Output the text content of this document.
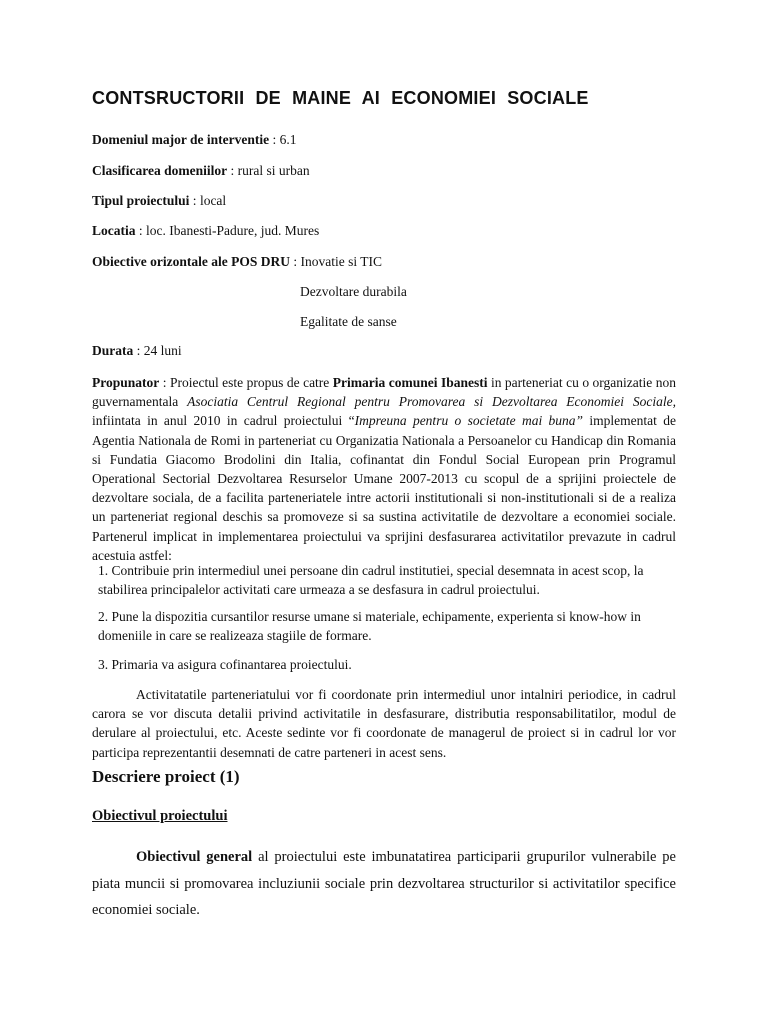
CONTSRUCTORII DE MAINE AI ECONOMIEI SOCIALE
Domeniul major de interventie : 6.1
Clasificarea domeniilor : rural si urban
Tipul proiectului : local
Locatia : loc. Ibanesti-Padure, jud. Mures
Obiective orizontale ale POS DRU : Inovatie si TIC
Dezvoltare durabila
Egalitate de sanse
Durata : 24 luni
Propunator : Proiectul este propus de catre Primaria comunei Ibanesti in parteneriat cu o organizatie non guvernamentala Asociatia Centrul Regional pentru Promovarea si Dezvoltarea Economiei Sociale, infiintata in anul 2010 in cadrul proiectului “Impreuna pentru o societate mai buna” implementat de Agentia Nationala de Romi in parteneriat cu Organizatia Nationala a Persoanelor cu Handicap din Romania si Fundatia Giacomo Brodolini din Italia, cofinantat din Fondul Social European prin Programul Operational Sectorial Dezvoltarea Resurselor Umane 2007-2013 cu scopul de a sprijini proiectele de dezvoltare sociala, de a facilita parteneriatele intre actorii institutionali si non-institutionali si de a realiza un parteneriat regional deschis sa promoveze si sa sustina activitatile de dezvoltare a economiei sociale. Partenerul implicat in implementarea proiectului va sprijini desfasurarea activitatilor prevazute in cadrul acestuia astfel:
1. Contribuie prin intermediul unei persoane din cadrul institutiei, special desemnata in acest scop, la stabilirea principalelor activitati care urmeaza a se desfasura in cadrul proiectului.
2. Pune la dispozitia cursantilor resurse umane si materiale, echipamente, experienta si know-how in domeniile in care se realizeaza stagiile de formare.
3. Primaria va asigura cofinantarea proiectului.
Activitatatile parteneriatului vor fi coordonate prin intermediul unor intalniri periodice, in cadrul carora se vor discuta detalii privind activitatile in desfasurare, distributia responsabilitatilor, modul de derulare al proiectului, etc. Aceste sedinte vor fi coordonate de managerul de proiect si in cadrul lor vor participa reprezentantii desemnati de catre parteneri in acest sens.
Descriere proiect (1)
Obiectivul proiectului
Obiectivul general al proiectului este imbunatatirea participarii grupurilor vulnerabile pe piata muncii si promovarea incluziunii sociale prin dezvoltarea structurilor si activitatilor specifice economiei sociale.
